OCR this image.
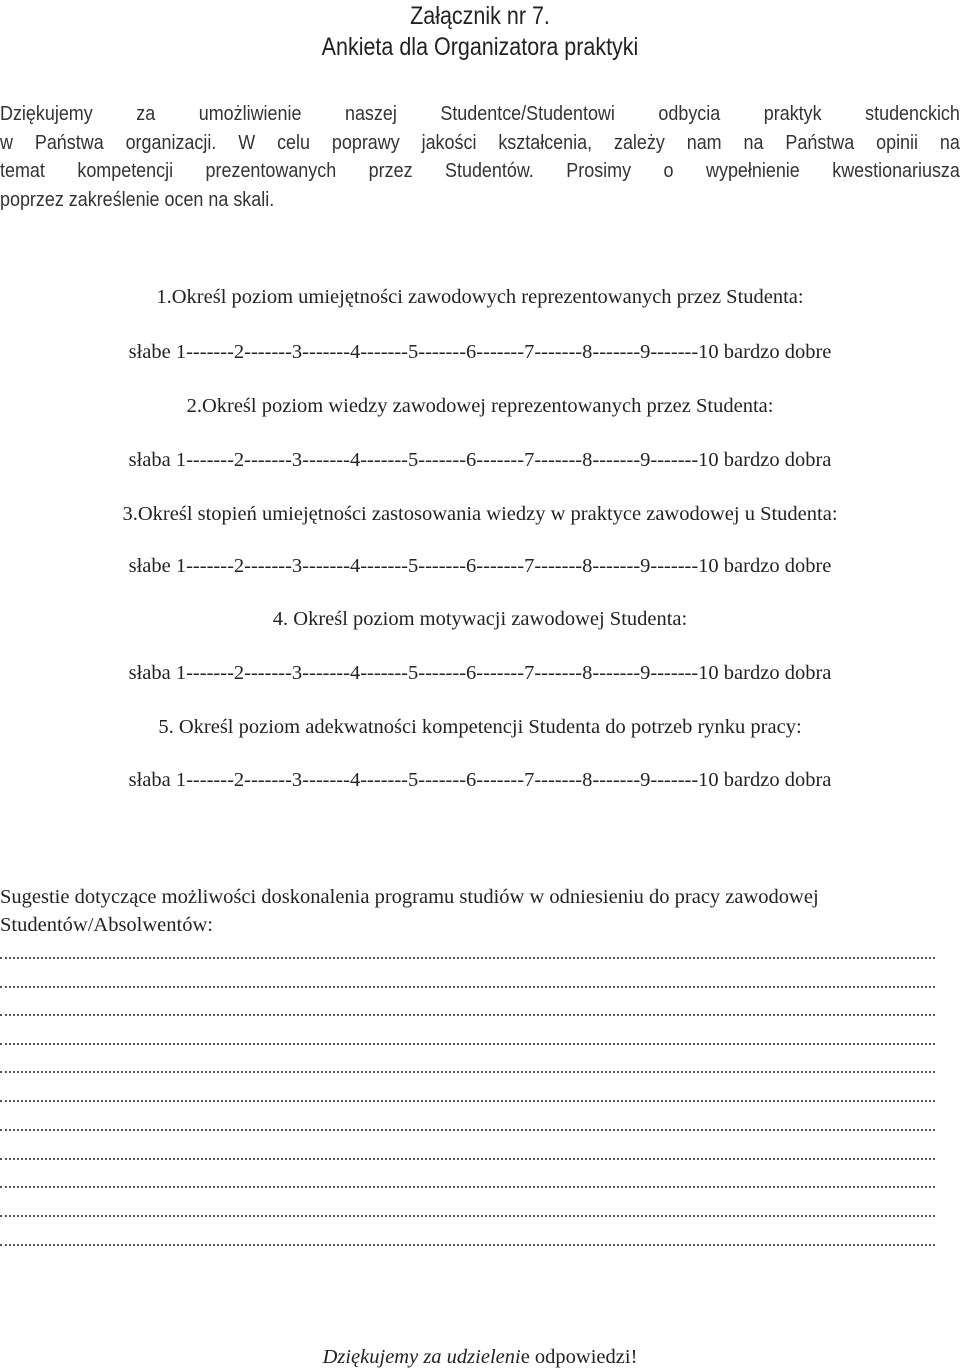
Załącznik nr 7.
Ankieta dla Organizatora praktyki
Dziękujemy za umożliwienie naszej Studentce/Studentowi odbycia praktyk studenckich
w Państwa organizacji. W celu poprawy jakości kształcenia, zależy nam na Państwa opinii na
temat kompetencji prezentowanych przez Studentów. Prosimy o wypełnienie kwestionariusza
poprzez zakreślenie ocen na skali.
1.Określ poziom umiejętności zawodowych reprezentowanych przez Studenta:
słabe 1-------2-------3-------4-------5-------6-------7-------8-------9-------10 bardzo dobre
2.Określ poziom wiedzy zawodowej reprezentowanych przez Studenta:
słaba 1-------2-------3-------4-------5-------6-------7-------8-------9-------10 bardzo dobra
3.Określ stopień umiejętności zastosowania wiedzy w praktyce zawodowej u Studenta:
słabe 1-------2-------3-------4-------5-------6-------7-------8-------9-------10 bardzo dobre
4. Określ poziom motywacji zawodowej Studenta:
słaba 1-------2-------3-------4-------5-------6-------7-------8-------9-------10 bardzo dobra
5. Określ poziom adekwatności kompetencji Studenta do potrzeb rynku pracy:
słaba 1-------2-------3-------4-------5-------6-------7-------8-------9-------10 bardzo dobra
Sugestie dotyczące możliwości doskonalenia programu studiów w odniesieniu do pracy zawodowej
Studentów/Absolwentów:
Dziękujemy za udzielenie odpowiedzi!
